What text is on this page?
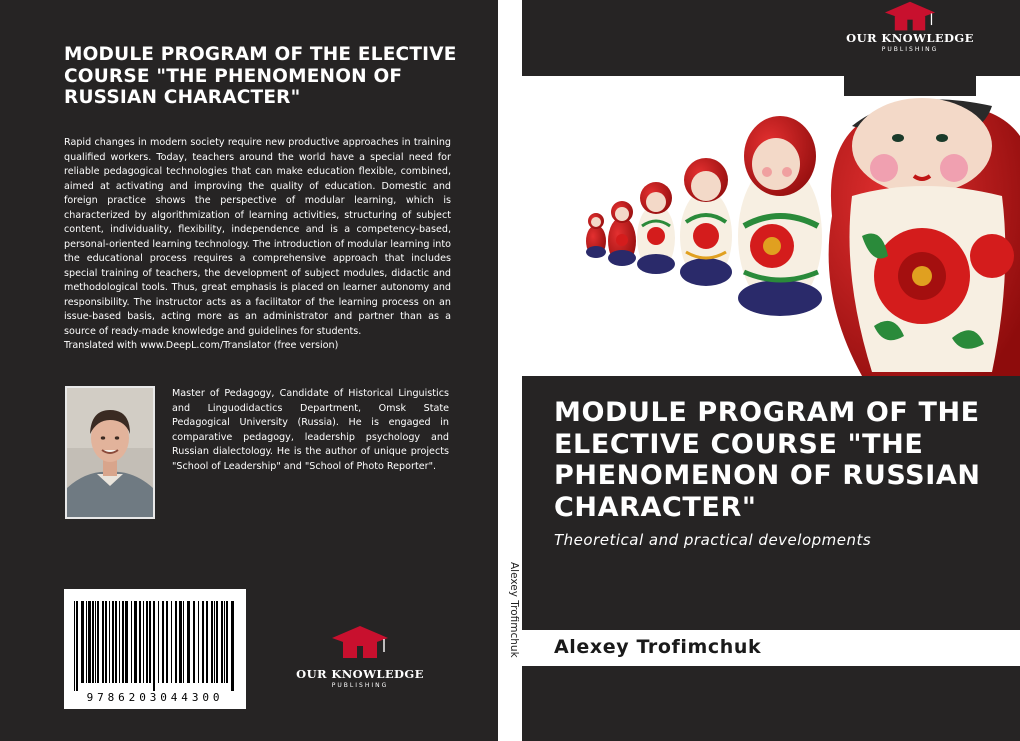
MODULE PROGRAM OF THE ELECTIVE COURSE "THE PHENOMENON OF RUSSIAN CHARACTER"

Rapid changes in modern society require new productive approaches in training qualified workers. Today, teachers around the world have a special need for reliable pedagogical technologies that can make education flexible, combined, aimed at activating and improving the quality of education. Domestic and foreign practice shows the perspective of modular learning, which is characterized by algorithmization of learning activities, structuring of subject content, individuality, flexibility, independence and is a competency-based, personal-oriented learning technology. The introduction of modular learning into the educational process requires a comprehensive approach that includes special training of teachers, the development of subject modules, didactic and methodological tools. Thus, great emphasis is placed on learner autonomy and responsibility. The instructor acts as a facilitator of the learning process on an issue-based basis, acting more as an administrator and partner than as a source of ready-made knowledge and guidelines for students.

Translated with www.DeepL.com/Translator (free version)

Master of Pedagogy, Candidate of Historical Linguistics and Linguodidactics Department, Omsk State Pedagogical University (Russia). He is engaged in comparative pedagogy, leadership psychology and Russian dialectology. He is the author of unique projects "School of Leadership" and "School of Photo Reporter".

9786203044300
OUR KNOWLEDGE
PUBLISHING
Alexey Trofimchuk
OUR KNOWLEDGE
PUBLISHING
MODULE PROGRAM OF THE ELECTIVE COURSE "THE PHENOMENON OF RUSSIAN CHARACTER"
Theoretical and practical developments
Alexey Trofimchuk
